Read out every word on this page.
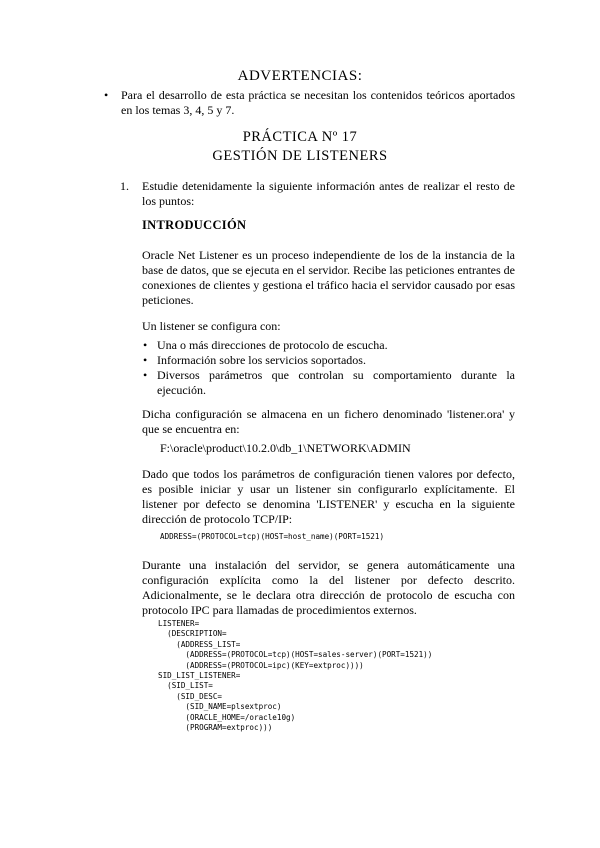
ADVERTENCIAS:
• Para el desarrollo de esta práctica se necesitan los contenidos teóricos aportados en los temas 3, 4, 5 y 7.
PRÁCTICA Nº 17
GESTIÓN DE LISTENERS
1. Estudie detenidamente la siguiente información antes de realizar el resto de los puntos:
INTRODUCCIÓN
Oracle Net Listener es un proceso independiente de los de la instancia de la base de datos, que se ejecuta en el servidor. Recibe las peticiones entrantes de conexiones de clientes y gestiona el tráfico hacia el servidor causado por esas peticiones.
Un listener se configura con:
• Una o más direcciones de protocolo de escucha.
• Información sobre los servicios soportados.
• Diversos parámetros que controlan su comportamiento durante la ejecución.
Dicha configuración se almacena en un fichero denominado 'listener.ora' y que se encuentra en:
F:\oracle\product\10.2.0\db_1\NETWORK\ADMIN
Dado que todos los parámetros de configuración tienen valores por defecto, es posible iniciar y usar un listener sin configurarlo explícitamente. El listener por defecto se denomina 'LISTENER' y escucha en la siguiente dirección de protocolo TCP/IP:
ADDRESS=(PROTOCOL=tcp)(HOST=host_name)(PORT=1521)
Durante una instalación del servidor, se genera automáticamente una configuración explícita como la del listener por defecto descrito. Adicionalmente, se le declara otra dirección de protocolo de escucha con protocolo IPC para llamadas de procedimientos externos.
LISTENER=
(DESCRIPTION=
(ADDRESS_LIST=
(ADDRESS=(PROTOCOL=tcp)(HOST=sales-server)(PORT=1521))
(ADDRESS=(PROTOCOL=ipc)(KEY=extproc))))
SID_LIST_LISTENER=
(SID_LIST=
(SID_DESC=
(SID_NAME=plsextproc)
(ORACLE_HOME=/oracle10g)
(PROGRAM=extproc)))
